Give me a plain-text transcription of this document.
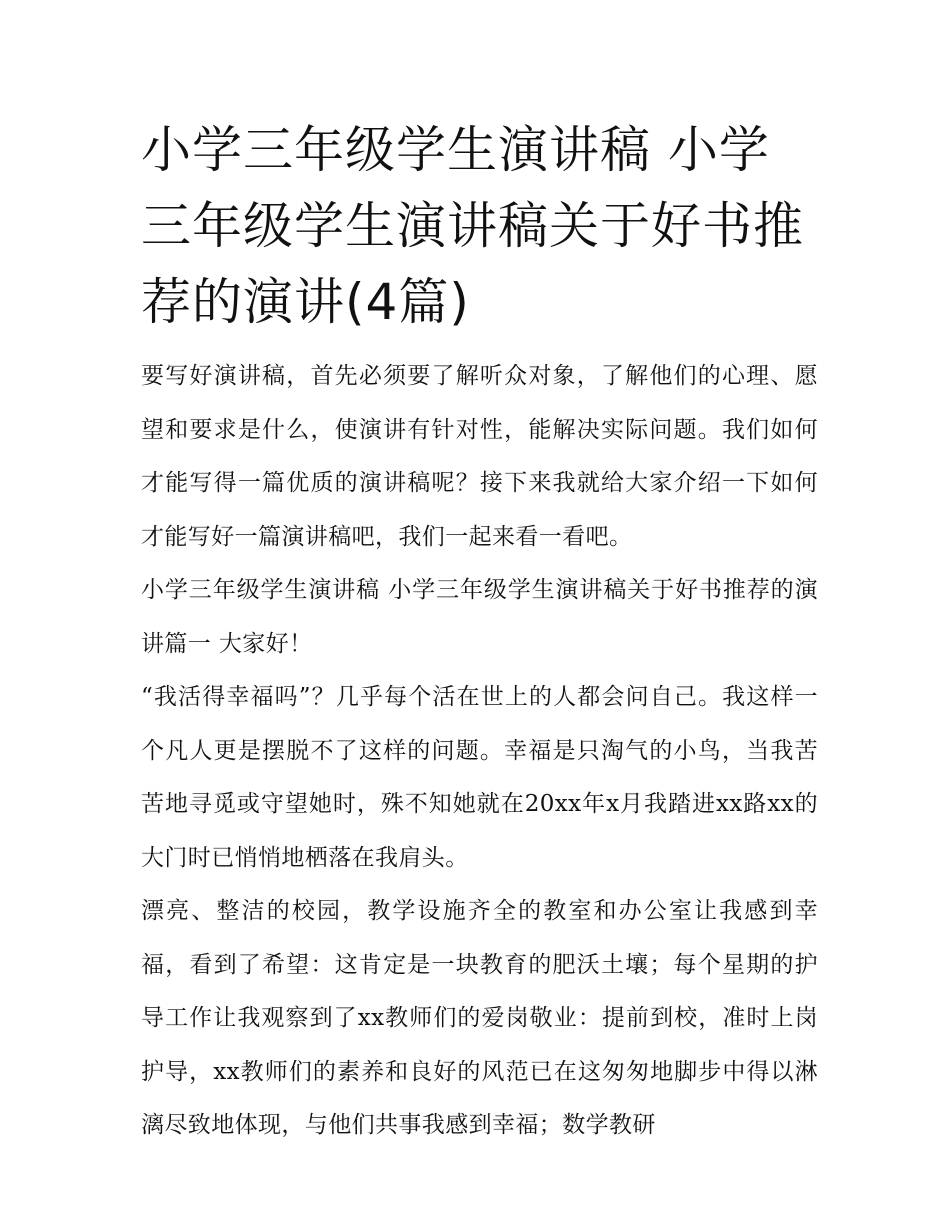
小学三年级学生演讲稿 小学三年级学生演讲稿关于好书推荐的演讲(4篇)

要写好演讲稿，首先必须要了解听众对象，了解他们的心理、愿望和要求是什么，使演讲有针对性，能解决实际问题。我们如何才能写得一篇优质的演讲稿呢？接下来我就给大家介绍一下如何才能写好一篇演讲稿吧，我们一起来看一看吧。

小学三年级学生演讲稿 小学三年级学生演讲稿关于好书推荐的演讲篇一 大家好！

“我活得幸福吗”？几乎每个活在世上的人都会问自己。我这样一个凡人更是摆脱不了这样的问题。幸福是只淘气的小鸟，当我苦苦地寻觅或守望她时，殊不知她就在20xx年x月我踏进xx路xx的大门时已悄悄地栖落在我肩头。

漂亮、整洁的校园，教学设施齐全的教室和办公室让我感到幸福，看到了希望：这肯定是一块教育的肥沃土壤；每个星期的护导工作让我观察到了xx教师们的爱岗敬业：提前到校，准时上岗护导，xx教师们的素养和良好的风范已在这匆匆地脚步中得以淋漓尽致地体现，与他们共事我感到幸福；数学教研
